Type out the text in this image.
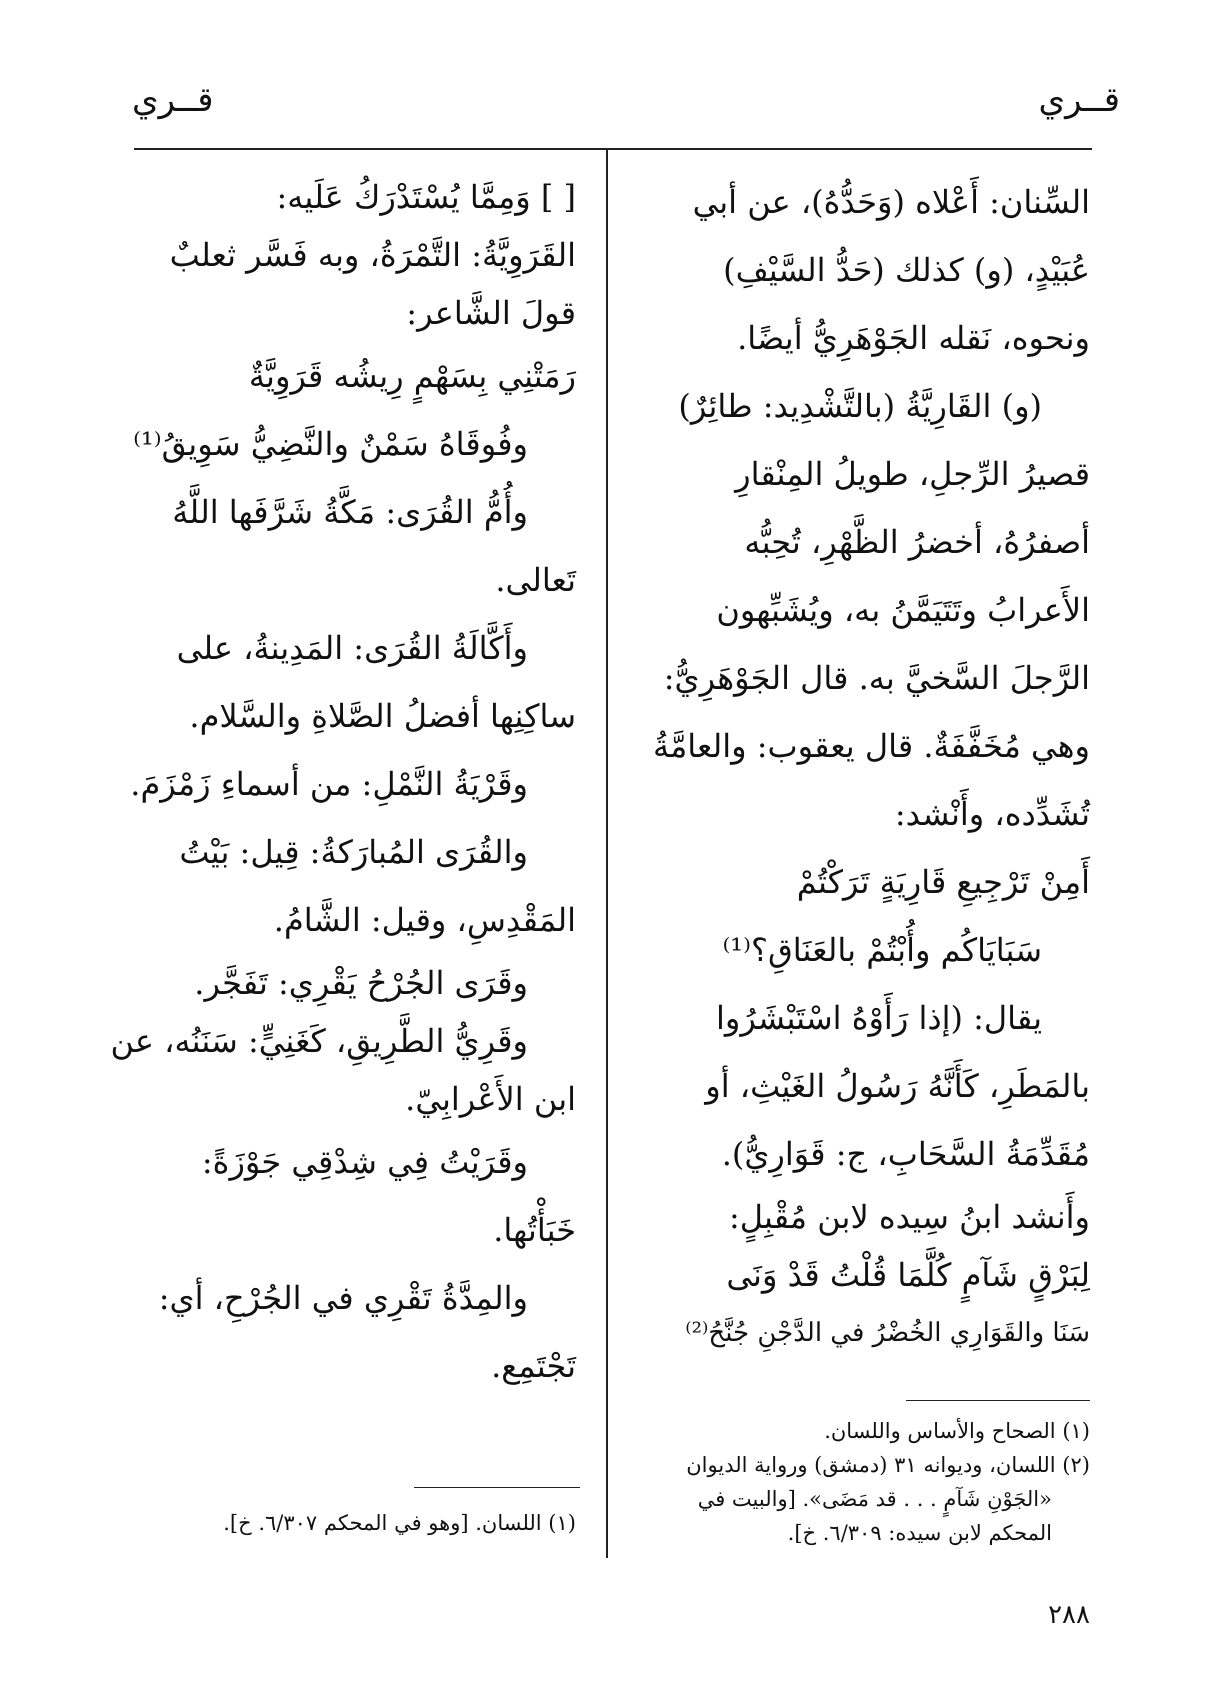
قــري
قــري
السِّنان: أَعْلاه (وَحَدُّهُ)، عن أبي
عُبَيْدٍ، (و) كذلك (حَدُّ السَّيْفِ)
ونحوه، نَقله الجَوْهَرِيُّ أيضًا.
(و) القَارِيَّةُ (بالتَّشْدِيد: طائِرٌ)
قصيرُ الرِّجلِ، طويلُ المِنْقارِ
أصفرُهُ، أخضرُ الظَّهْرِ، تُحِبُّه
الأَعرابُ وتَتَيَمَّنُ به، ويُشَبِّهون
الرَّجلَ السَّخيَّ به. قال الجَوْهَرِيُّ:
وهي مُخَفَّفَةٌ. قال يعقوب: والعامَّةُ
تُشَدِّده، وأَنْشد:
أَمِنْ تَرْجِيعِ قَارِيَةٍ تَرَكْتُمْ
سَبَايَاكُم وأُبْتُمْ بالعَنَاقِ؟⁽¹⁾
يقال: (إذا رَأَوْهُ اسْتَبْشَرُوا
بالمَطَرِ، كَأَنَّهُ رَسُولُ الغَيْثِ، أو
مُقَدِّمَةُ السَّحَابِ، ج: قَوَارِيُّ).
وأَنشد ابنُ سِيده لابن مُقْبِلٍ:
لِبَرْقٍ شَآمٍ كُلَّمَا قُلْتُ قَدْ وَنَى
سَنَا والقَوَارِي الخُضْرُ في الدَّجْنِ جُنَّحُ⁽²⁾
(١) الصحاح والأساس واللسان.
(٢) اللسان، وديوانه ٣١ (دمشق) ورواية الديوان
«الجَوْنِ شَآمٍ . . . قد مَضَى». [والبيت في
المحكم لابن سيده: ٦/٣٠٩. خ].
[ ] وَمِمَّا يُسْتَدْرَكُ عَلَيه:
القَرَوِيَّةُ: التَّمْرَةُ، وبه فَسَّر ثعلبٌ
قولَ الشَّاعر:
رَمَتْنِي بِسَهْمٍ رِيشُه قَرَوِيَّةٌ
وفُوقَاهُ سَمْنٌ والنَّضِيُّ سَوِيقُ⁽¹⁾
وأُمُّ القُرَى: مَكَّةُ شَرَّفَها اللَّهُ
تَعالى.
وأَكَّالَةُ القُرَى: المَدِينةُ، على
ساكِنِها أفضلُ الصَّلاةِ والسَّلام.
وقَرْيَةُ النَّمْلِ: من أسماءِ زَمْزَمَ.
والقُرَى المُبارَكةُ: قِيل: بَيْتُ
المَقْدِسِ، وقيل: الشَّامُ.
وقَرَى الجُرْحُ يَقْرِي: تَفَجَّر.
وقَرِيُّ الطَّرِيقِ، كَغَنِيٍّ: سَنَنُه، عن
ابن الأَعْرابِيّ.
وقَرَيْتُ فِي شِدْقِي جَوْزَةً:
خَبَأْتُها.
والمِدَّةُ تَقْرِي في الجُرْحِ، أي:
تَجْتَمِع.
(١) اللسان. [وهو في المحكم ٦/٣٠٧. خ].
٢٨٨
